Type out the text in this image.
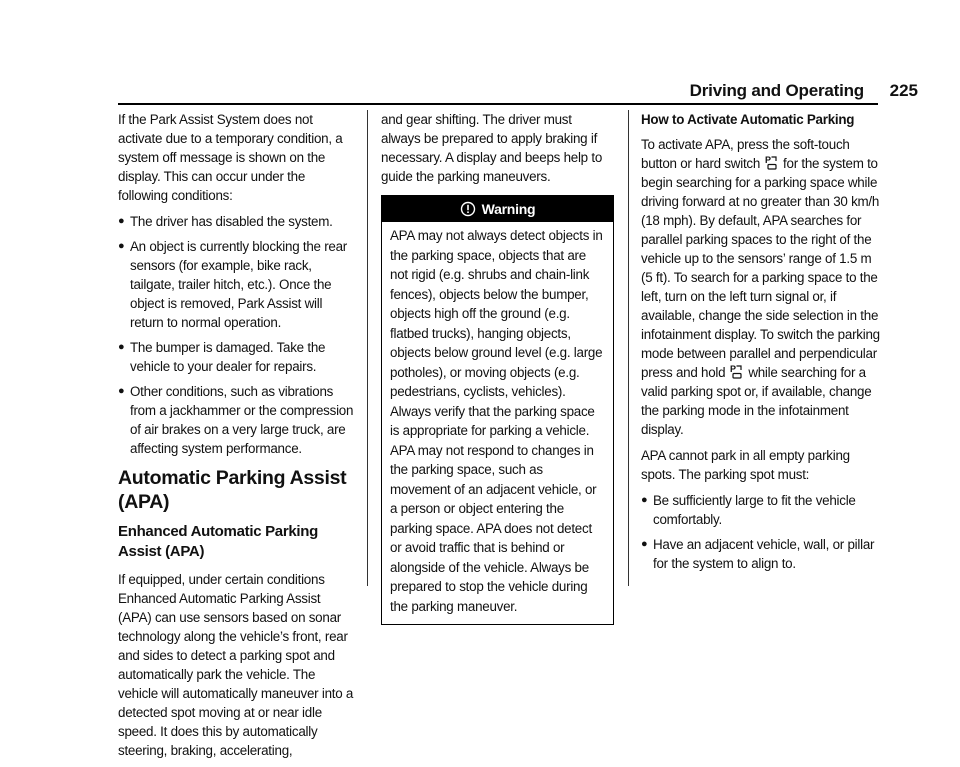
Driving and Operating 225

If the Park Assist System does not activate due to a temporary condition, a system off message is shown on the display. This can occur under the following conditions:

● The driver has disabled the system.
● An object is currently blocking the rear sensors (for example, bike rack, tailgate, trailer hitch, etc.). Once the object is removed, Park Assist will return to normal operation.
● The bumper is damaged. Take the vehicle to your dealer for repairs.
● Other conditions, such as vibrations from a jackhammer or the compression of air brakes on a very large truck, are affecting system performance.
Automatic Parking Assist (APA)
Enhanced Automatic Parking Assist (APA)

If equipped, under certain conditions Enhanced Automatic Parking Assist (APA) can use sensors based on sonar technology along the vehicle’s front, rear and sides to detect a parking spot and automatically park the vehicle. The vehicle will automatically maneuver into a detected spot moving at or near idle speed. It does this by automatically steering, braking, accelerating,

and gear shifting. The driver must always be prepared to apply braking if necessary. A display and beeps help to guide the parking maneuvers.

Warning
APA may not always detect objects in the parking space, objects that are not rigid (e.g. shrubs and chain-link fences), objects below the bumper, objects high off the ground (e.g. flatbed trucks), hanging objects, objects below ground level (e.g. large potholes), or moving objects (e.g. pedestrians, cyclists, vehicles). Always verify that the parking space is appropriate for parking a vehicle. APA may not respond to changes in the parking space, such as movement of an adjacent vehicle, or a person or object entering the parking space. APA does not detect or avoid traffic that is behind or alongside of the vehicle. Always be prepared to stop the vehicle during the parking maneuver.
How to Activate Automatic Parking

To activate APA, press the soft-touch button or hard switch P for the system to begin searching for a parking space while driving forward at no greater than 30 km/h (18 mph). By default, APA searches for parallel parking spaces to the right of the vehicle up to the sensors’ range of 1.5 m (5 ft). To search for a parking space to the left, turn on the left turn signal or, if available, change the side selection in the infotainment display. To switch the parking mode between parallel and perpendicular press and hold P while searching for a valid parking spot or, if available, change the parking mode in the infotainment display.

APA cannot park in all empty parking spots. The parking spot must:

● Be sufficiently large to fit the vehicle comfortably.
● Have an adjacent vehicle, wall, or pillar for the system to align to.
